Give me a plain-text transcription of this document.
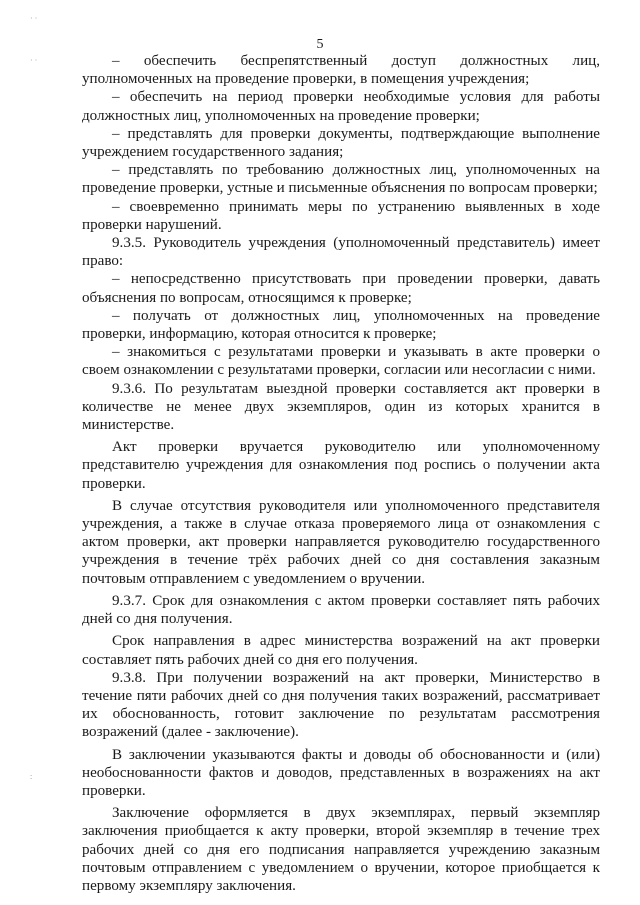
· ·
· ·
:
5

– обеспечить беспрепятственный доступ должностных лиц, уполномоченных на проведение проверки, в помещения учреждения;

– обеспечить на период проверки необходимые условия для работы должностных лиц, уполномоченных на проведение проверки;

– представлять для проверки документы, подтверждающие выполнение учреждением государственного задания;

– представлять по требованию должностных лиц, уполномоченных на проведение проверки, устные и письменные объяснения по вопросам проверки;

– своевременно принимать меры по устранению выявленных в ходе проверки нарушений.

9.3.5. Руководитель учреждения (уполномоченный представитель) имеет право:

– непосредственно присутствовать при проведении проверки, давать объяснения по вопросам, относящимся к проверке;

– получать от должностных лиц, уполномоченных на проведение проверки, информацию, которая относится к проверке;

– знакомиться с результатами проверки и указывать в акте проверки о своем ознакомлении с результатами проверки, согласии или несогласии с ними.

9.3.6. По результатам выездной проверки составляется акт проверки в количестве не менее двух экземпляров, один из которых хранится в министерстве.

Акт проверки вручается руководителю или уполномоченному представителю учреждения для ознакомления под роспись о получении акта проверки.

В случае отсутствия руководителя или уполномоченного представителя учреждения, а также в случае отказа проверяемого лица от ознакомления с актом проверки, акт проверки направляется руководителю государственного учреждения в течение трёх рабочих дней со дня составления заказным почтовым отправлением с уведомлением о вручении.

9.3.7. Срок для ознакомления с актом проверки составляет пять рабочих дней со дня получения.

Срок направления в адрес министерства возражений на акт проверки составляет пять рабочих дней со дня его получения.

9.3.8. При получении возражений на акт проверки, Министерство в течение пяти рабочих дней со дня получения таких возражений, рассматривает их обоснованность, готовит заключение по результатам рассмотрения возражений (далее - заключение).

В заключении указываются факты и доводы об обоснованности и (или) необоснованности фактов и доводов, представленных в возражениях на акт проверки.

Заключение оформляется в двух экземплярах, первый экземпляр заключения приобщается к акту проверки, второй экземпляр в течение трех рабочих дней со дня его подписания направляется учреждению заказным почтовым отправлением с уведомлением о вручении, которое приобщается к первому экземпляру заключения.
